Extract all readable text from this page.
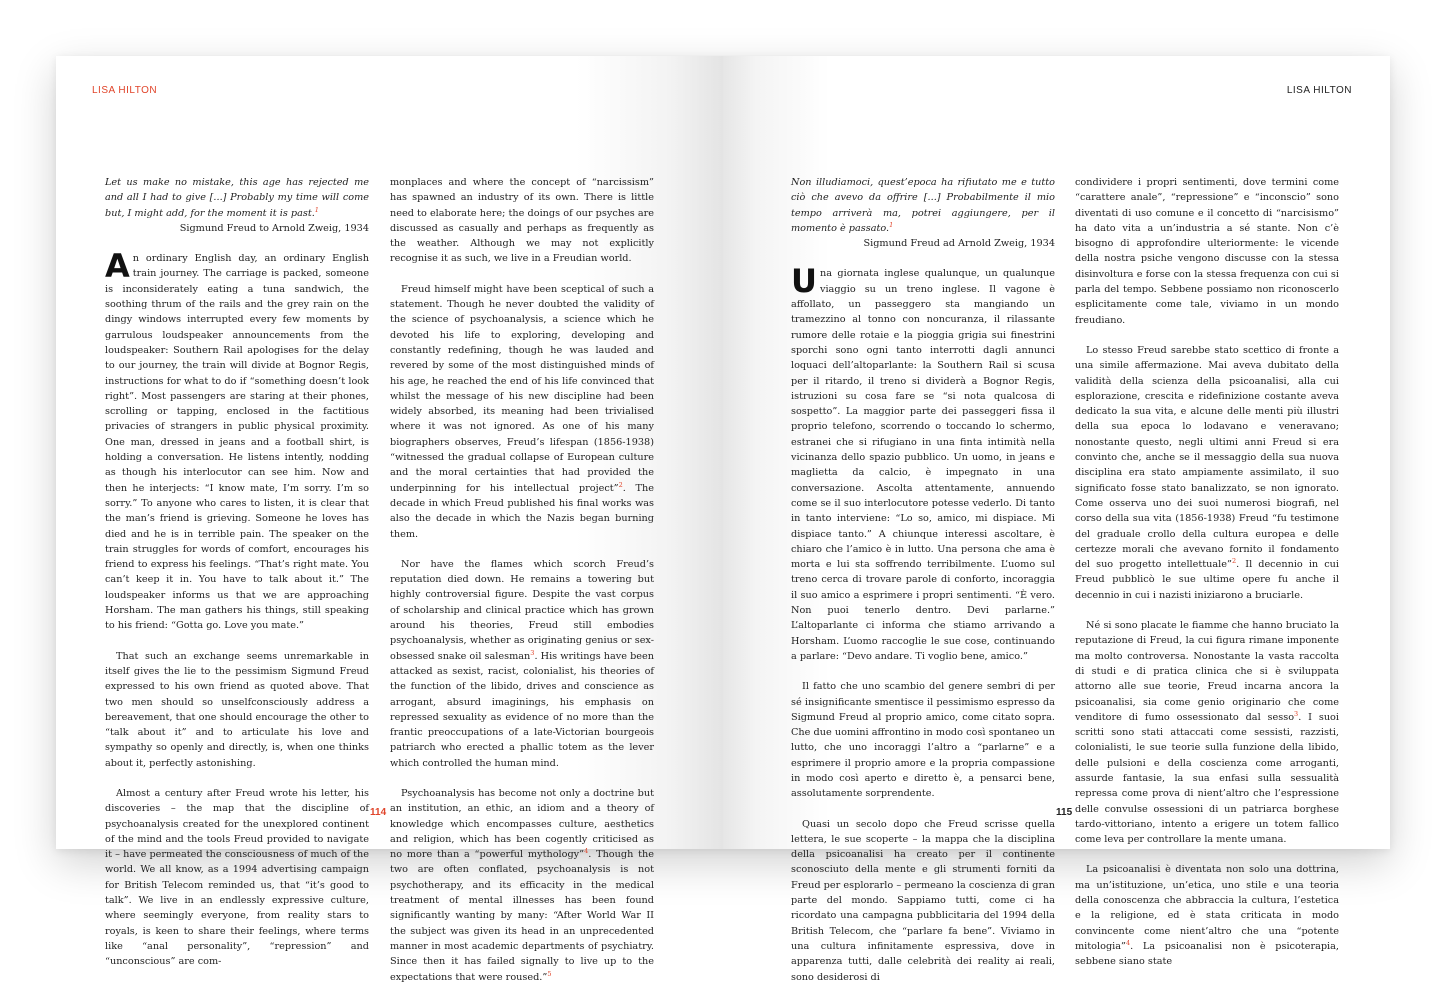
LISA HILTON

Let us make no mistake, this age has rejected me and all I had to give [...] Probably my time will come but, I might add, for the moment it is past.$^1$

Sigmund Freud to Arnold Zweig, 1934

An ordinary English day, an ordinary English train journey. The carriage is packed, someone is inconsiderately eating a tuna sandwich, the soothing thrum of the rails and the grey rain on the dingy windows interrupted every few moments by garrulous loudspeaker announcements from the loudspeaker: Southern Rail apologises for the delay to our journey, the train will divide at Bognor Regis, instructions for what to do if “something doesn’t look right”. Most passengers are staring at their phones, scrolling or tapping, enclosed in the factitious privacies of strangers in public physical proximity. One man, dressed in jeans and a football shirt, is holding a conversation. He listens intently, nodding as though his interlocutor can see him. Now and then he interjects: “I know mate, I’m sorry. I’m so sorry.” To anyone who cares to listen, it is clear that the man’s friend is grieving. Someone he loves has died and he is in terrible pain. The speaker on the train struggles for words of comfort, encourages his friend to express his feelings. “That’s right mate. You can’t keep it in. You have to talk about it.” The loudspeaker informs us that we are approaching Horsham. The man gathers his things, still speaking to his friend: “Gotta go. Love you mate.”

That such an exchange seems unremarkable in itself gives the lie to the pessimism Sigmund Freud expressed to his own friend as quoted above. That two men should so unselfconsciously address a bereavement, that one should encourage the other to “talk about it” and to articulate his love and sympathy so openly and directly, is, when one thinks about it, perfectly astonishing.

Almost a century after Freud wrote his letter, his discoveries – the map that the discipline of psychoanalysis created for the unexplored continent of the mind and the tools Freud provided to navigate it – have permeated the consciousness of much of the world. We all know, as a 1994 advertising campaign for British Telecom reminded us, that “it’s good to talk”. We live in an endlessly expressive culture, where seemingly everyone, from reality stars to royals, is keen to share their feelings, where terms like “anal personality”, “repression” and “unconscious” are com-

monplaces and where the concept of “narcissism” has spawned an industry of its own. There is little need to elaborate here; the doings of our psyches are discussed as casually and perhaps as frequently as the weather. Although we may not explicitly recognise it as such, we live in a Freudian world.

Freud himself might have been sceptical of such a statement. Though he never doubted the validity of the science of psychoanalysis, a science which he devoted his life to exploring, developing and constantly redefining, though he was lauded and revered by some of the most distinguished minds of his age, he reached the end of his life convinced that whilst the message of his new discipline had been widely absorbed, its meaning had been trivialised where it was not ignored. As one of his many biographers observes, Freud’s lifespan (1856-1938) “witnessed the gradual collapse of European culture and the moral certainties that had provided the underpinning for his intellectual project”$^2$. The decade in which Freud published his final works was also the decade in which the Nazis began burning them.

Nor have the flames which scorch Freud’s reputation died down. He remains a towering but highly controversial figure. Despite the vast corpus of scholarship and clinical practice which has grown around his theories, Freud still embodies psychoanalysis, whether as originating genius or sex-obsessed snake oil salesman$^3$. His writings have been attacked as sexist, racist, colonialist, his theories of the function of the libido, drives and conscience as arrogant, absurd imaginings, his emphasis on repressed sexuality as evidence of no more than the frantic preoccupations of a late-Victorian bourgeois patriarch who erected a phallic totem as the lever which controlled the human mind.

Psychoanalysis has become not only a doctrine but an institution, an ethic, an idiom and a theory of knowledge which encompasses culture, aesthetics and religion, which has been cogently criticised as no more than a “powerful mythology”$^4$. Though the two are often conflated, psychoanalysis is not psychotherapy, and its efficacity in the medical treatment of mental illnesses has been found significantly wanting by many: “After World War II the subject was given its head in an unprecedented manner in most academic departments of psychiatry. Since then it has failed signally to live up to the expectations that were roused.”$^5$

114
LISA HILTON

Non illudiamoci, quest’epoca ha rifiutato me e tutto ciò che avevo da offrire [...] Probabilmente il mio tempo arriverà ma, potrei aggiungere, per il momento è passato.$^1$

Sigmund Freud ad Arnold Zweig, 1934

Una giornata inglese qualunque, un qualunque viaggio su un treno inglese. Il vagone è affollato, un passeggero sta mangiando un tramezzino al tonno con noncuranza, il rilassante rumore delle rotaie e la pioggia grigia sui finestrini sporchi sono ogni tanto interrotti dagli annunci loquaci dell’altoparlante: la Southern Rail si scusa per il ritardo, il treno si dividerà a Bognor Regis, istruzioni su cosa fare se “si nota qualcosa di sospetto”. La maggior parte dei passeggeri fissa il proprio telefono, scorrendo o toccando lo schermo, estranei che si rifugiano in una finta intimità nella vicinanza dello spazio pubblico. Un uomo, in jeans e maglietta da calcio, è impegnato in una conversazione. Ascolta attentamente, annuendo come se il suo interlocutore potesse vederlo. Di tanto in tanto interviene: “Lo so, amico, mi dispiace. Mi dispiace tanto.” A chiunque interessi ascoltare, è chiaro che l’amico è in lutto. Una persona che ama è morta e lui sta soffrendo terribilmente. L’uomo sul treno cerca di trovare parole di conforto, incoraggia il suo amico a esprimere i propri sentimenti. “È vero. Non puoi tenerlo dentro. Devi parlarne.” L’altoparlante ci informa che stiamo arrivando a Horsham. L’uomo raccoglie le sue cose, continuando a parlare: “Devo andare. Ti voglio bene, amico.”

Il fatto che uno scambio del genere sembri di per sé insignificante smentisce il pessimismo espresso da Sigmund Freud al proprio amico, come citato sopra. Che due uomini affrontino in modo così spontaneo un lutto, che uno incoraggi l’altro a “parlarne” e a esprimere il proprio amore e la propria compassione in modo così aperto e diretto è, a pensarci bene, assolutamente sorprendente.

Quasi un secolo dopo che Freud scrisse quella lettera, le sue scoperte – la mappa che la disciplina della psicoanalisi ha creato per il continente sconosciuto della mente e gli strumenti forniti da Freud per esplorarlo – permeano la coscienza di gran parte del mondo. Sappiamo tutti, come ci ha ricordato una campagna pubblicitaria del 1994 della British Telecom, che “parlare fa bene”. Viviamo in una cultura infinitamente espressiva, dove in apparenza tutti, dalle celebrità dei reality ai reali, sono desiderosi di

condividere i propri sentimenti, dove termini come “carattere anale”, “repressione” e “inconscio” sono diventati di uso comune e il concetto di “narcisismo” ha dato vita a un’industria a sé stante. Non c’è bisogno di approfondire ulteriormente: le vicende della nostra psiche vengono discusse con la stessa disinvoltura e forse con la stessa frequenza con cui si parla del tempo. Sebbene possiamo non riconoscerlo esplicitamente come tale, viviamo in un mondo freudiano.

Lo stesso Freud sarebbe stato scettico di fronte a una simile affermazione. Mai aveva dubitato della validità della scienza della psicoanalisi, alla cui esplorazione, crescita e ridefinizione costante aveva dedicato la sua vita, e alcune delle menti più illustri della sua epoca lo lodavano e veneravano; nonostante questo, negli ultimi anni Freud si era convinto che, anche se il messaggio della sua nuova disciplina era stato ampiamente assimilato, il suo significato fosse stato banalizzato, se non ignorato. Come osserva uno dei suoi numerosi biografi, nel corso della sua vita (1856-1938) Freud “fu testimone del graduale crollo della cultura europea e delle certezze morali che avevano fornito il fondamento del suo progetto intellettuale”$^2$. Il decennio in cui Freud pubblicò le sue ultime opere fu anche il decennio in cui i nazisti iniziarono a bruciarle.

Né si sono placate le fiamme che hanno bruciato la reputazione di Freud, la cui figura rimane imponente ma molto controversa. Nonostante la vasta raccolta di studi e di pratica clinica che si è sviluppata attorno alle sue teorie, Freud incarna ancora la psicoanalisi, sia come genio originario che come venditore di fumo ossessionato dal sesso$^3$. I suoi scritti sono stati attaccati come sessisti, razzisti, colonialisti, le sue teorie sulla funzione della libido, delle pulsioni e della coscienza come arroganti, assurde fantasie, la sua enfasi sulla sessualità repressa come prova di nient’altro che l’espressione delle convulse ossessioni di un patriarca borghese tardo-vittoriano, intento a erigere un totem fallico come leva per controllare la mente umana.

La psicoanalisi è diventata non solo una dottrina, ma un’istituzione, un’etica, uno stile e una teoria della conoscenza che abbraccia la cultura, l’estetica e la religione, ed è stata criticata in modo convincente come nient’altro che una “potente mitologia”$^4$. La psicoanalisi non è psicoterapia, sebbene siano state

115
